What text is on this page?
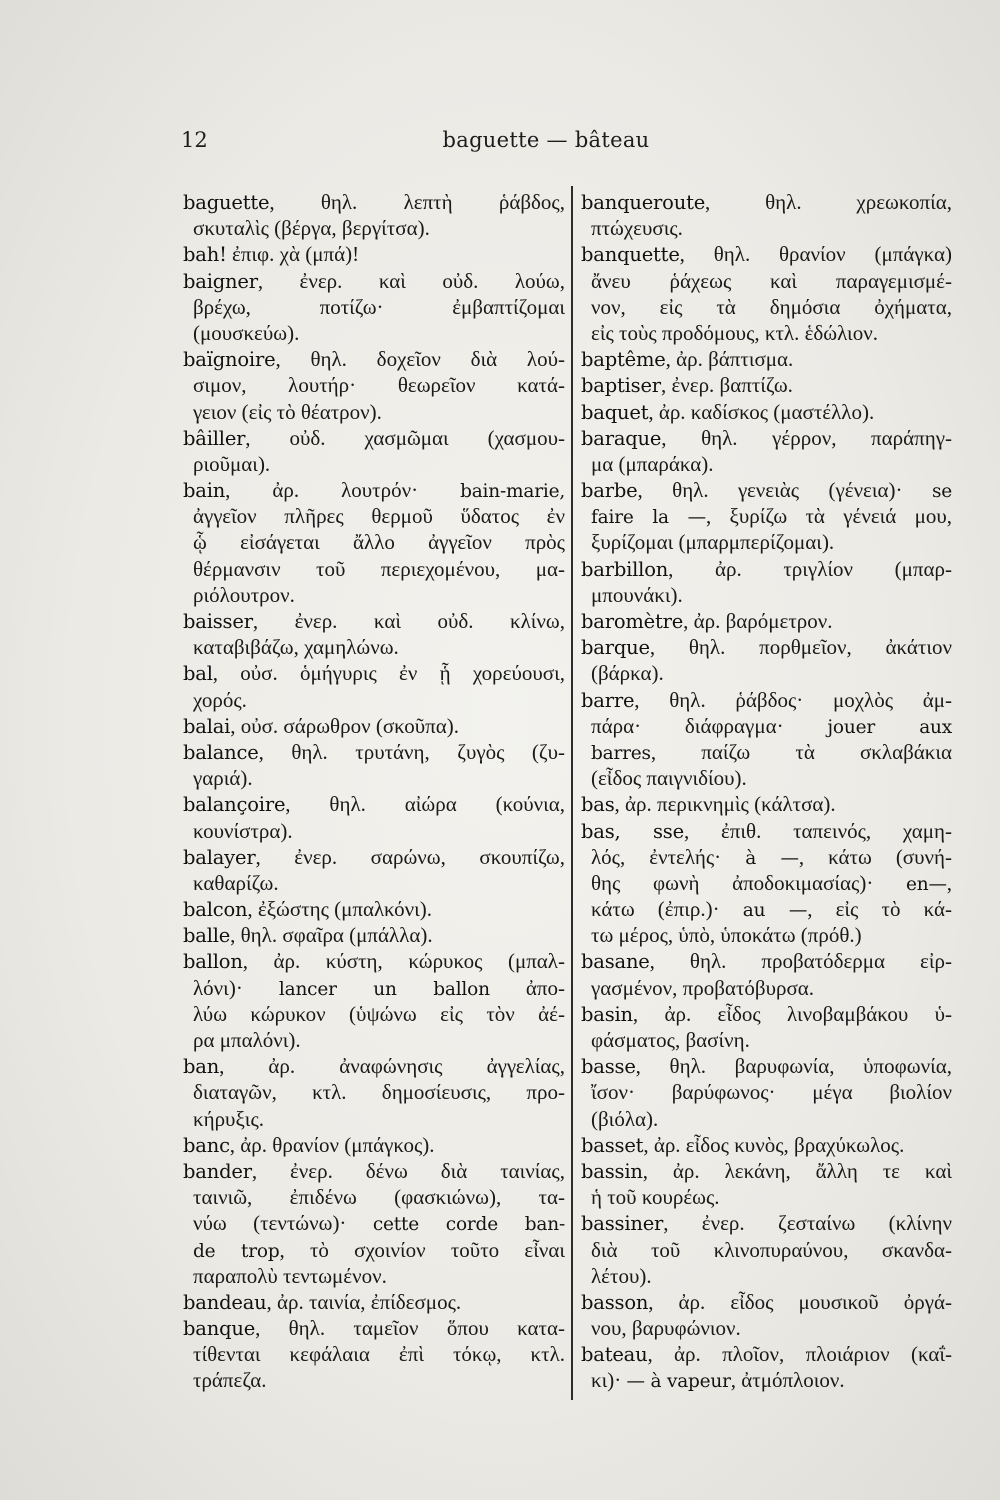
12	baguette — bâteau
baguette, θηλ. λεπτὴ ῥάβδος,
σκυταλὶς (βέργα, βεργίτσα).
bah! ἐπιφ. χὰ (μπά)!
baigner, ἐνερ. καὶ οὐδ. λούω,
βρέχω, ποτίζω· ἐμβαπτίζομαι
(μουσκεύω).
baïgnoire, θηλ. δοχεῖον διὰ λού-
σιμον, λουτήρ· θεωρεῖον κατά-
γειον (εἰς τὸ θέατρον).
bâiller, οὐδ. χασμῶμαι (χασμου-
ριοῦμαι).
bain, ἀρ. λουτρόν· bain-marie,
ἀγγεῖον πλῆρες θερμοῦ ὕδατος ἐν
ᾧ εἰσάγεται ἄλλο ἀγγεῖον πρὸς
θέρμανσιν τοῦ περιεχομένου, μα-
ριόλουτρον.
baisser, ἐνερ. καὶ οὐδ. κλίνω,
καταβιβάζω, χαμηλώνω.
bal, οὐσ. ὁμήγυρις ἐν ᾗ χορεύουσι,
χορός.
balai, οὐσ. σάρωθρον (σκοῦπα).
balance, θηλ. τρυτάνη, ζυγὸς (ζυ-
γαριά).
balançoire, θηλ. αἰώρα (κούνια,
κουνίστρα).
balayer, ἐνερ. σαρώνω, σκουπίζω,
καθαρίζω.
balcon, ἐξώστης (μπαλκόνι).
balle, θηλ. σφαῖρα (μπάλλα).
ballon, ἀρ. κύστη, κώρυκος (μπαλ-
λόνι)· lancer un ballon ἀπο-
λύω κώρυκον (ὑψώνω εἰς τὸν ἀέ-
ρα μπαλόνι).
ban, ἀρ. ἀναφώνησις ἀγγελίας,
διαταγῶν, κτλ. δημοσίευσις, προ-
κήρυξις.
banc, ἀρ. θρανίον (μπάγκος).
bander, ἐνερ. δένω διὰ ταινίας,
ταινιῶ, ἐπιδένω (φασκιώνω), τα-
νύω (τεντώνω)· cette corde ban-
de trop, τὸ σχοινίον τοῦτο εἶναι
παραπολὺ τεντωμένον.
bandeau, ἀρ. ταινία, ἐπίδεσμος.
banque, θηλ. ταμεῖον ὅπου κατα-
τίθενται κεφάλαια ἐπὶ τόκῳ, κτλ.
τράπεζα.
banqueroute, θηλ. χρεωκοπία,
πτώχευσις.
banquette, θηλ. θρανίον (μπάγκα)
ἄνευ ῥάχεως καὶ παραγεμισμέ-
νον, εἰς τὰ δημόσια ὀχήματα,
εἰς τοὺς προδόμους, κτλ. ἑδώλιον.
baptême, ἀρ. βάπτισμα.
baptiser, ἐνερ. βαπτίζω.
baquet, ἀρ. καδίσκος (μαστέλλο).
baraque, θηλ. γέρρον, παράπηγ-
μα (μπαράκα).
barbe, θηλ. γενειὰς (γένεια)· se
faire la —, ξυρίζω τὰ γένειά μου,
ξυρίζομαι (μπαρμπερίζομαι).
barbillon, ἀρ. τριγλίον (μπαρ-
μπουνάκι).
baromètre, ἀρ. βαρόμετρον.
barque, θηλ. πορθμεῖον, ἀκάτιον
(βάρκα).
barre, θηλ. ῥάβδος· μοχλὸς ἀμ-
πάρα· διάφραγμα· jouer aux
barres, παίζω τὰ σκλαβάκια
(εἶδος παιγνιδίου).
bas, ἀρ. περικνημὶς (κάλτσα).
bas, sse, ἐπιθ. ταπεινός, χαμη-
λός, ἐντελής· à —, κάτω (συνή-
θης φωνὴ ἀποδοκιμασίας)· en—,
κάτω (ἐπιρ.)· au —, εἰς τὸ κά-
τω μέρος, ὑπὸ, ὑποκάτω (πρόθ.)
basane, θηλ. προβατόδερμα εἰρ-
γασμένον, προβατόβυρσα.
basin, ἀρ. εἶδος λινοβαμβάκου ὑ-
φάσματος, βασίνη.
basse, θηλ. βαρυφωνία, ὑποφωνία,
ἴσον· βαρύφωνος· μέγα βιολίον
(βιόλα).
basset, ἀρ. εἶδος κυνὸς, βραχύκωλος.
bassin, ἀρ. λεκάνη, ἄλλη τε καὶ
ἡ τοῦ κουρέως.
bassiner, ἐνερ. ζεσταίνω (κλίνην
διὰ τοῦ κλινοπυραύνου, σκανδα-
λέτου).
basson, ἀρ. εἶδος μουσικοῦ ὀργά-
νου, βαρυφώνιον.
bateau, ἀρ. πλοῖον, πλοιάριον (καΐ-
κι)· — à vapeur, ἀτμόπλοιον.
